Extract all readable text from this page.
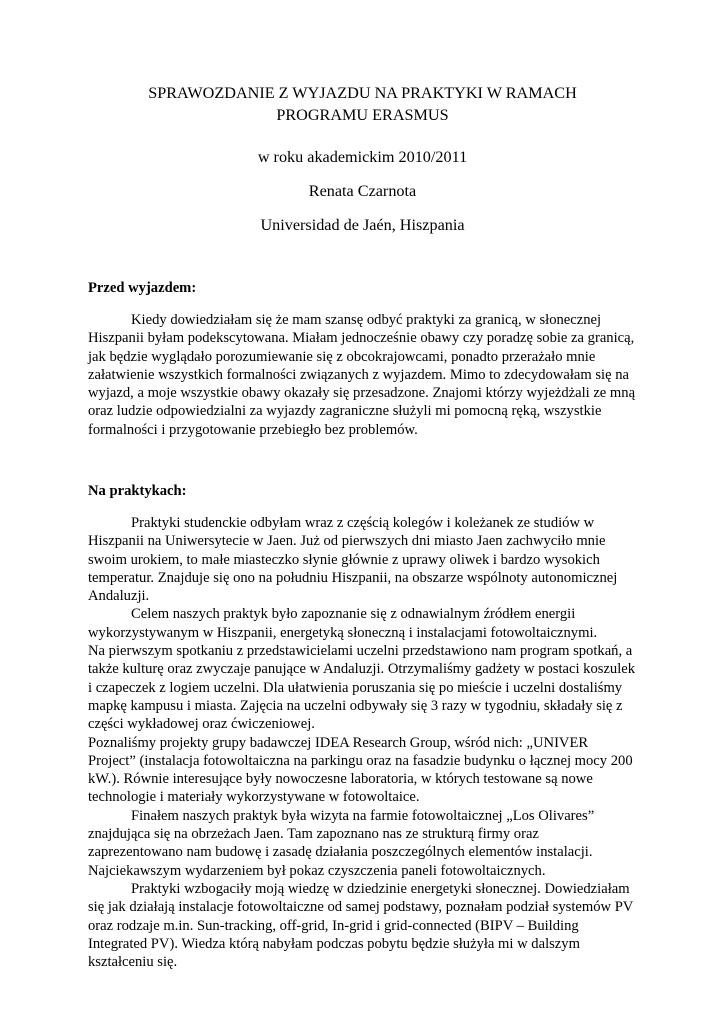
SPRAWOZDANIE Z WYJAZDU NA PRAKTYKI W RAMACH
PROGRAMU ERASMUS
w roku akademickim 2010/2011
Renata Czarnota
Universidad de Jaén, Hiszpania
Przed wyjazdem:

Kiedy dowiedziałam się że mam szansę odbyć praktyki za granicą, w słonecznej
Hiszpanii byłam podekscytowana. Miałam jednocześnie obawy czy poradzę sobie za granicą,
jak będzie wyglądało porozumiewanie się z obcokrajowcami, ponadto przerażało mnie
załatwienie wszystkich formalności związanych z wyjazdem. Mimo to zdecydowałam się na
wyjazd, a moje wszystkie obawy okazały się przesadzone. Znajomi którzy wyjeżdżali ze mną
oraz ludzie odpowiedzialni za wyjazdy zagraniczne służyli mi pomocną ręką, wszystkie
formalności i przygotowanie przebiegło bez problemów.

Na praktykach:

Praktyki studenckie odbyłam wraz z częścią kolegów i koleżanek ze studiów w
Hiszpanii na Uniwersytecie w Jaen. Już od pierwszych dni miasto Jaen zachwyciło mnie
swoim urokiem, to małe miasteczko słynie głównie z uprawy oliwek i bardzo wysokich
temperatur. Znajduje się ono na południu Hiszpanii, na obszarze wspólnoty autonomicznej
Andaluzji.
Celem naszych praktyk było zapoznanie się z odnawialnym źródłem energii
wykorzystywanym w Hiszpanii, energetyką słoneczną i instalacjami fotowoltaicznymi.
Na pierwszym spotkaniu z przedstawicielami uczelni przedstawiono nam program spotkań, a
także kulturę oraz zwyczaje panujące w Andaluzji. Otrzymaliśmy gadżety w postaci koszulek
i czapeczek z logiem uczelni. Dla ułatwienia poruszania się po mieście i uczelni dostaliśmy
mapkę kampusu i miasta. Zajęcia na uczelni odbywały się 3 razy w tygodniu, składały się z
części wykładowej oraz ćwiczeniowej.
Poznaliśmy projekty grupy badawczej IDEA Research Group, wśród nich: „UNIVER
Project” (instalacja fotowoltaiczna na parkingu oraz na fasadzie budynku o łącznej mocy 200
kW.). Równie interesujące były nowoczesne laboratoria, w których testowane są nowe
technologie i materiały wykorzystywane w fotowoltaice.
Finałem naszych praktyk była wizyta na farmie fotowoltaicznej „Los Olivares”
znajdująca się na obrzeżach Jaen. Tam zapoznano nas ze strukturą firmy oraz
zaprezentowano nam budowę i zasadę działania poszczególnych elementów instalacji.
Najciekawszym wydarzeniem był pokaz czyszczenia paneli fotowoltaicznych.
Praktyki wzbogaciły moją wiedzę w dziedzinie energetyki słonecznej. Dowiedziałam
się jak działają instalacje fotowoltaiczne od samej podstawy, poznałam podział systemów PV
oraz rodzaje m.in. Sun-tracking, off-grid, In-grid i grid-connected (BIPV – Building
Integrated PV). Wiedza którą nabyłam podczas pobytu będzie służyła mi w dalszym
kształceniu się.
